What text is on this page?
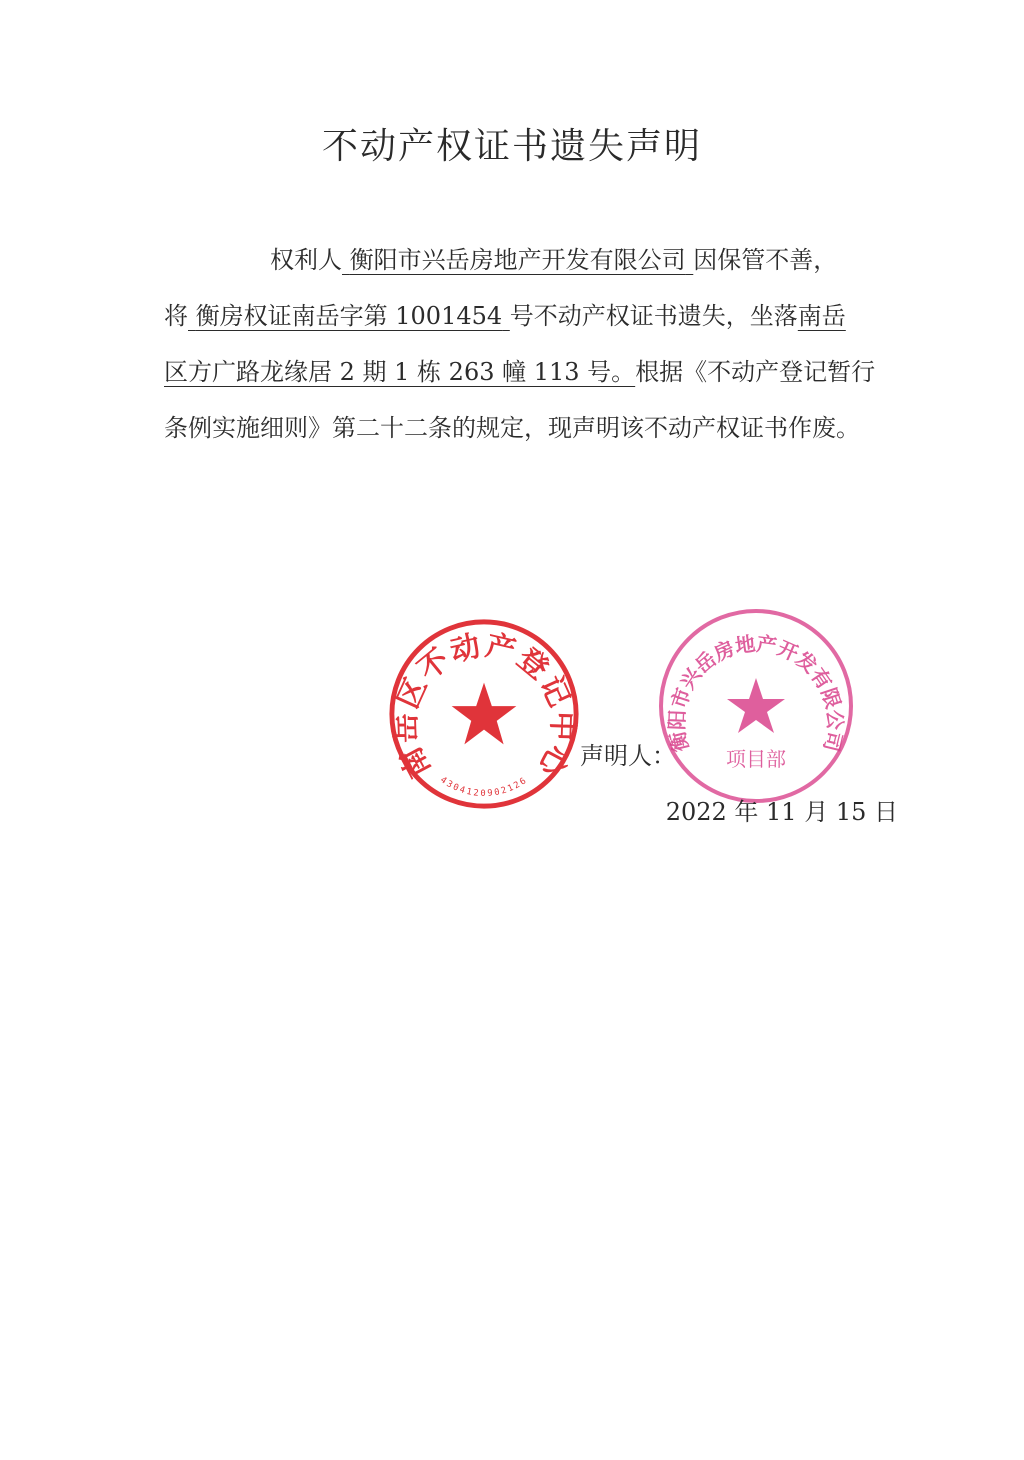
不动产权证书遗失声明

权利人 衡阳市兴岳房地产开发有限公司 因保管不善，

将 衡房权证南岳字第 1001454 号不动产权证书遗失，坐落南岳

区方广路龙缘居 2 期 1 栋 263 幢 113 号。根据《不动产登记暂行

条例实施细则》第二十二条的规定，现声明该不动产权证书作废。

南岳区不动产登记中心
4304120902126
衡阳市兴岳房地产开发有限公司
项目部
声明人：
2022 年 11 月 15 日
